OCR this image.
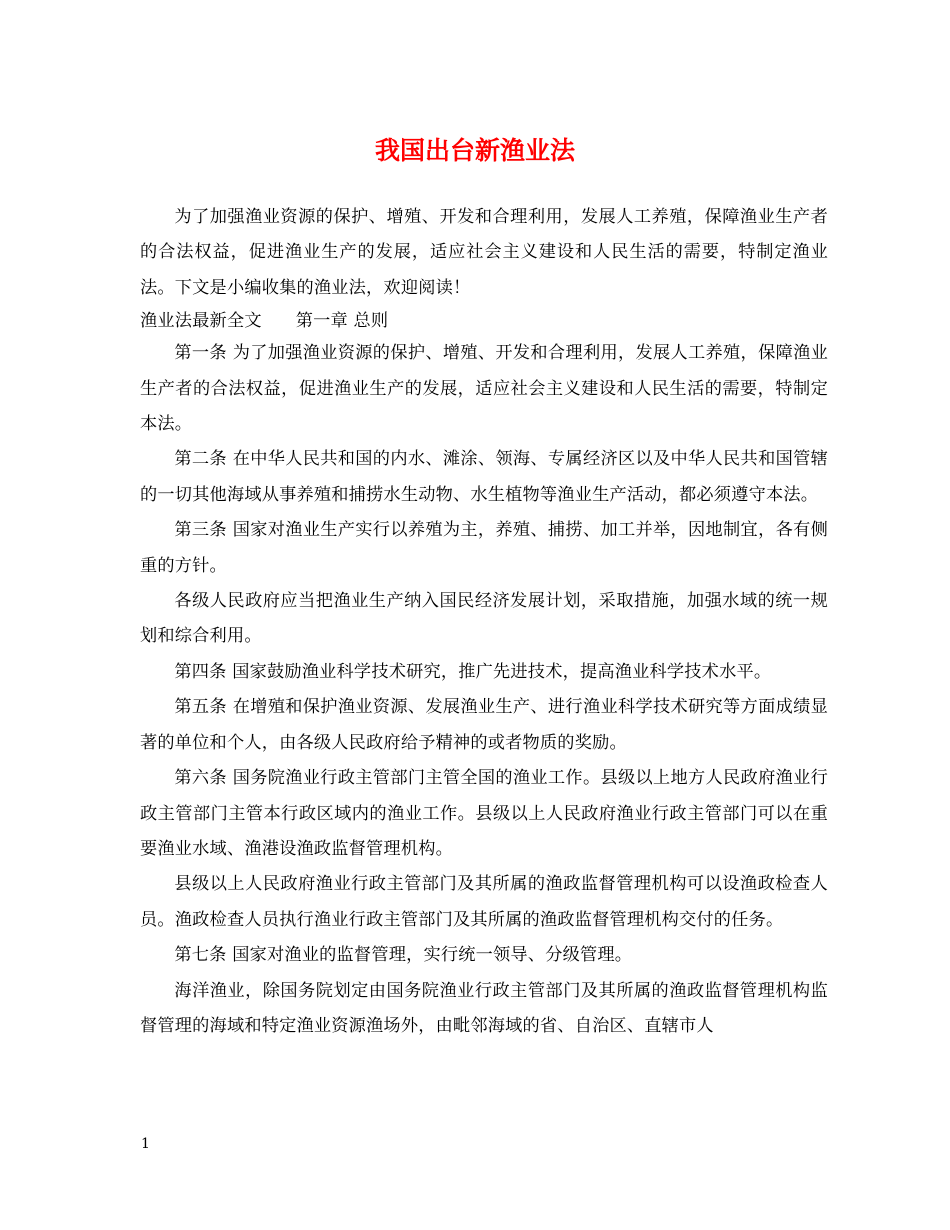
我国出台新渔业法

为了加强渔业资源的保护、增殖、开发和合理利用，发展人工养殖，保障渔业生产者的合法权益，促进渔业生产的发展，适应社会主义建设和人民生活的需要，特制定渔业法。下文是小编收集的渔业法，欢迎阅读！

渔业法最新全文 第一章 总则

第一条 为了加强渔业资源的保护、增殖、开发和合理利用，发展人工养殖，保障渔业生产者的合法权益，促进渔业生产的发展，适应社会主义建设和人民生活的需要，特制定本法。

第二条 在中华人民共和国的内水、滩涂、领海、专属经济区以及中华人民共和国管辖的一切其他海域从事养殖和捕捞水生动物、水生植物等渔业生产活动，都必须遵守本法。

第三条 国家对渔业生产实行以养殖为主，养殖、捕捞、加工并举，因地制宜，各有侧重的方针。

各级人民政府应当把渔业生产纳入国民经济发展计划，采取措施，加强水域的统一规划和综合利用。

第四条 国家鼓励渔业科学技术研究，推广先进技术，提高渔业科学技术水平。

第五条 在增殖和保护渔业资源、发展渔业生产、进行渔业科学技术研究等方面成绩显著的单位和个人，由各级人民政府给予精神的或者物质的奖励。

第六条 国务院渔业行政主管部门主管全国的渔业工作。县级以上地方人民政府渔业行政主管部门主管本行政区域内的渔业工作。县级以上人民政府渔业行政主管部门可以在重要渔业水域、渔港设渔政监督管理机构。

县级以上人民政府渔业行政主管部门及其所属的渔政监督管理机构可以设渔政检查人员。渔政检查人员执行渔业行政主管部门及其所属的渔政监督管理机构交付的任务。

第七条 国家对渔业的监督管理，实行统一领导、分级管理。

海洋渔业，除国务院划定由国务院渔业行政主管部门及其所属的渔政监督管理机构监督管理的海域和特定渔业资源渔场外，由毗邻海域的省、自治区、直辖市人

1
